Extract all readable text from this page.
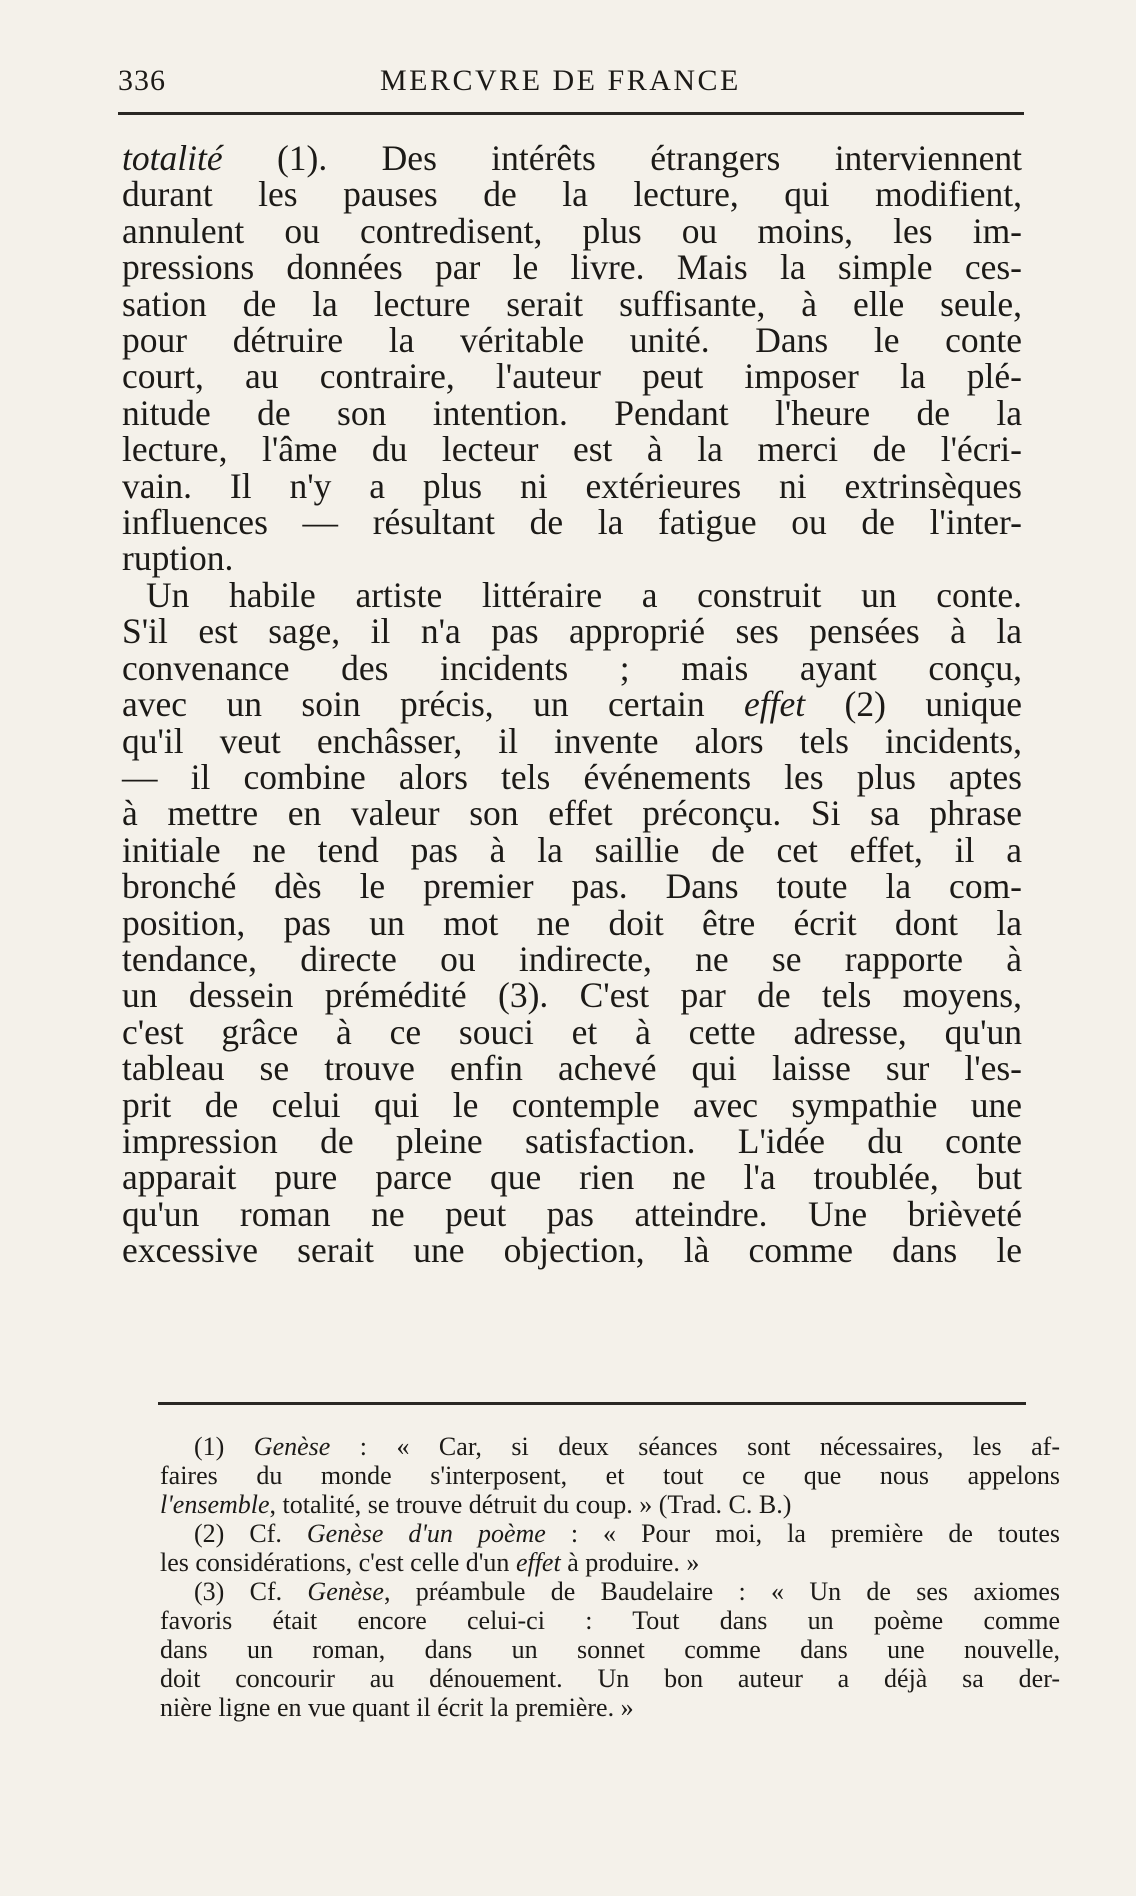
336	MERCVRE DE FRANCE

totalité (1). Des intérêts étrangers interviennent
durant les pauses de la lecture, qui modifient,
annulent ou contredisent, plus ou moins, les im-
pressions données par le livre. Mais la simple ces-
sation de la lecture serait suffisante, à elle seule,
pour détruire la véritable unité. Dans le conte
court, au contraire, l'auteur peut imposer la plé-
nitude de son intention. Pendant l'heure de la
lecture, l'âme du lecteur est à la merci de l'écri-
vain. Il n'y a plus ni extérieures ni extrinsèques
influences — résultant de la fatigue ou de l'inter-
ruption.

Un habile artiste littéraire a construit un conte.
S'il est sage, il n'a pas approprié ses pensées à la
convenance des incidents ; mais ayant conçu,
avec un soin précis, un certain effet (2) unique
qu'il veut enchâsser, il invente alors tels incidents,
— il combine alors tels événements les plus aptes
à mettre en valeur son effet préconçu. Si sa phrase
initiale ne tend pas à la saillie de cet effet, il a
bronché dès le premier pas. Dans toute la com-
position, pas un mot ne doit être écrit dont la
tendance, directe ou indirecte, ne se rapporte à
un dessein prémédité (3). C'est par de tels moyens,
c'est grâce à ce souci et à cette adresse, qu'un
tableau se trouve enfin achevé qui laisse sur l'es-
prit de celui qui le contemple avec sympathie une
impression de pleine satisfaction. L'idée du conte
apparait pure parce que rien ne l'a troublée, but
qu'un roman ne peut pas atteindre. Une brièveté
excessive serait une objection, là comme dans le

(1) Genèse : « Car, si deux séances sont nécessaires, les af-
faires du monde s'interposent, et tout ce que nous appelons
l'ensemble, totalité, se trouve détruit du coup. » (Trad. C. B.)
(2) Cf. Genèse d'un poème : « Pour moi, la première de toutes
les considérations, c'est celle d'un effet à produire. »
(3) Cf. Genèse, préambule de Baudelaire : « Un de ses axiomes
favoris était encore celui-ci : Tout dans un poème comme
dans un roman, dans un sonnet comme dans une nouvelle,
doit concourir au dénouement. Un bon auteur a déjà sa der-
nière ligne en vue quant il écrit la première. »
